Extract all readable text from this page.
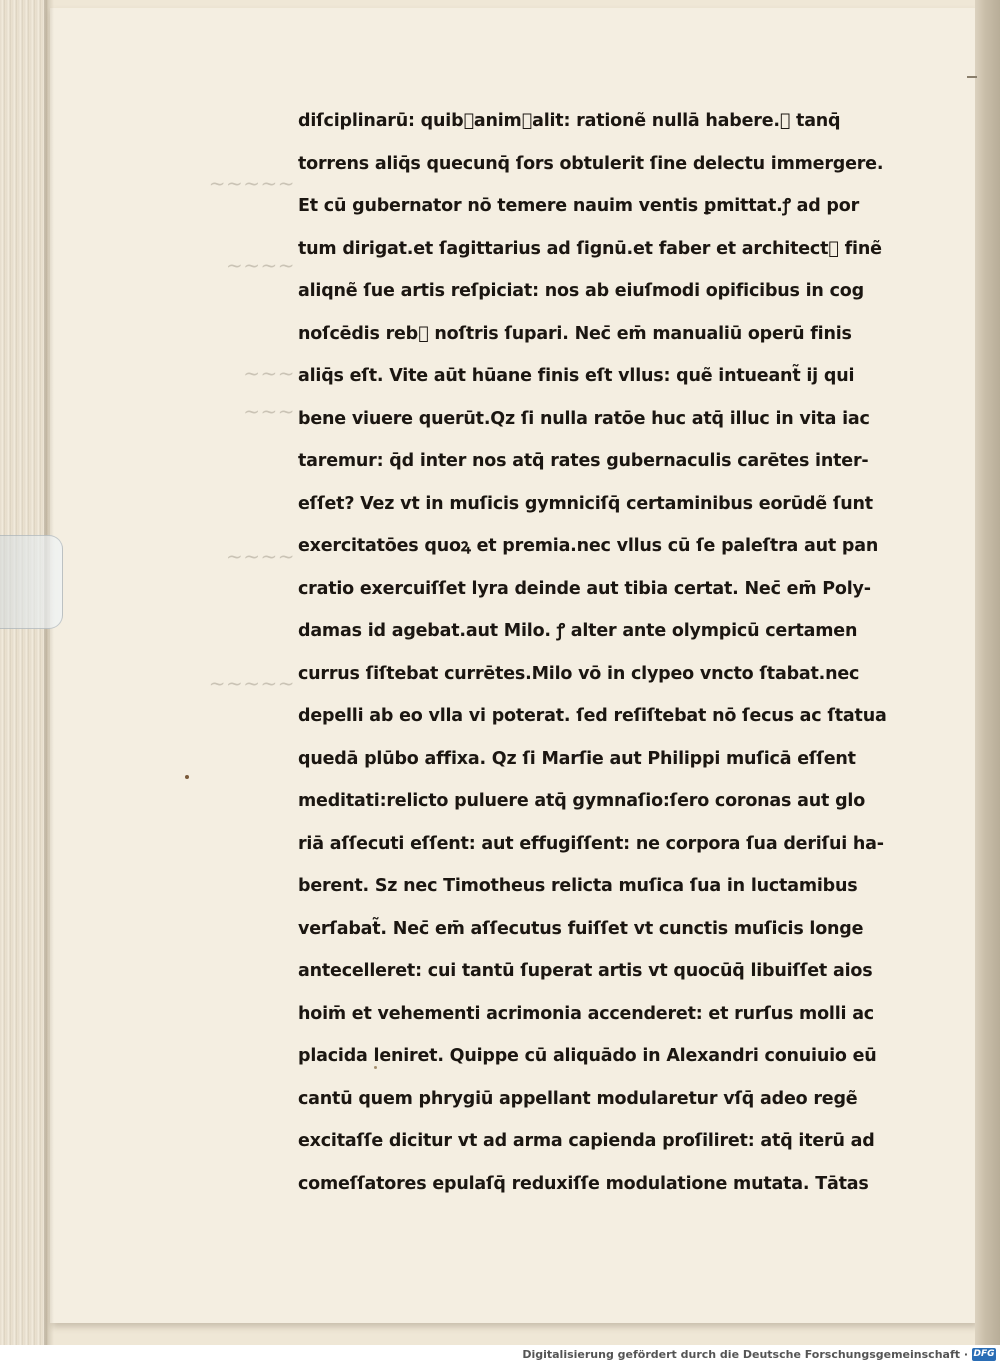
~~~~~
~~~~
~~~
~~~
~~~~
~~~~~
diſciplinarū: quib᷒anim᷒alit: ratione͂ nullā habere.ꝭ tanq̄
torrens aliq̄s quecunq̄ ſors obtulerit ſine delectu immergere.
Et cū gubernator nō temere nauim ventis ꝑmittat.ꝭ ad por
tum dirigat.et ſagittarius ad ſignū.et faber et architect᷒ fine͂
aliqne͂ ſue artis reſpiciat: nos ab eiuſmodi opificibus in cog
noſcēdis reb᷒ noſtris ſupari. Nec̄ em̄ manualiū operū finis
aliq̄s eſt. Vite aūt hūane finis eſt vllus: que͂ intueant͂ ij qui
bene viuere querūt.Qz ſi nulla ratōe huc atq̄ illuc in vita iac
taremur: q̄d inter nos atq̄ rates gubernaculis carētes inter-
eſſet? Vez vt in muſicis gymniciſq̄ certaminibus eorūde͂ ſunt
exercitatōes quoꝝ et premia.nec vllus cū ſe paleſtra aut pan
cratio exercuiſſet lyra deinde aut tibia certat. Nec̄ em̄ Poly-
damas id agebat.aut Milo. ꝭ alter ante olympicū certamen
currus ſiſtebat currētes.Milo vō in clypeo vncto ſtabat.nec
depelli ab eo vlla vi poterat. ſed reſiſtebat nō ſecus ac ſtatua
quedā plūbo affixa. Qz ſi Marſie aut Philippi muſicā eſſent
meditati:relicto puluere atq̄ gymnaſio:ſero coronas aut glo
riā aſſecuti eſſent: aut effugiſſent: ne corpora ſua deriſui ha-
berent. Sz nec Timotheus relicta muſica ſua in luctamibus
verſabat͂. Nec̄ em̄ aſſecutus fuiſſet vt cunctis muſicis longe
antecelleret: cui tantū ſuperat artis vt quocūq̄ libuiſſet aios
hoim̄ et vehementi acrimonia accenderet: et rurſus molli ac
placida leniret. Quippe cū aliquādo in Alexandri conuiuio eū
cantū quem phrygiū appellant modularetur vſq̄ adeo rege͂
excitaſſe dicitur vt ad arma capienda proſiliret: atq̄ iterū ad
comeſſatores epulaſq̄ reduxiſſe modulatione mutata. Tātas
Digitalisierung gefördert durch die Deutsche Forschungsgemeinschaft · DFG
